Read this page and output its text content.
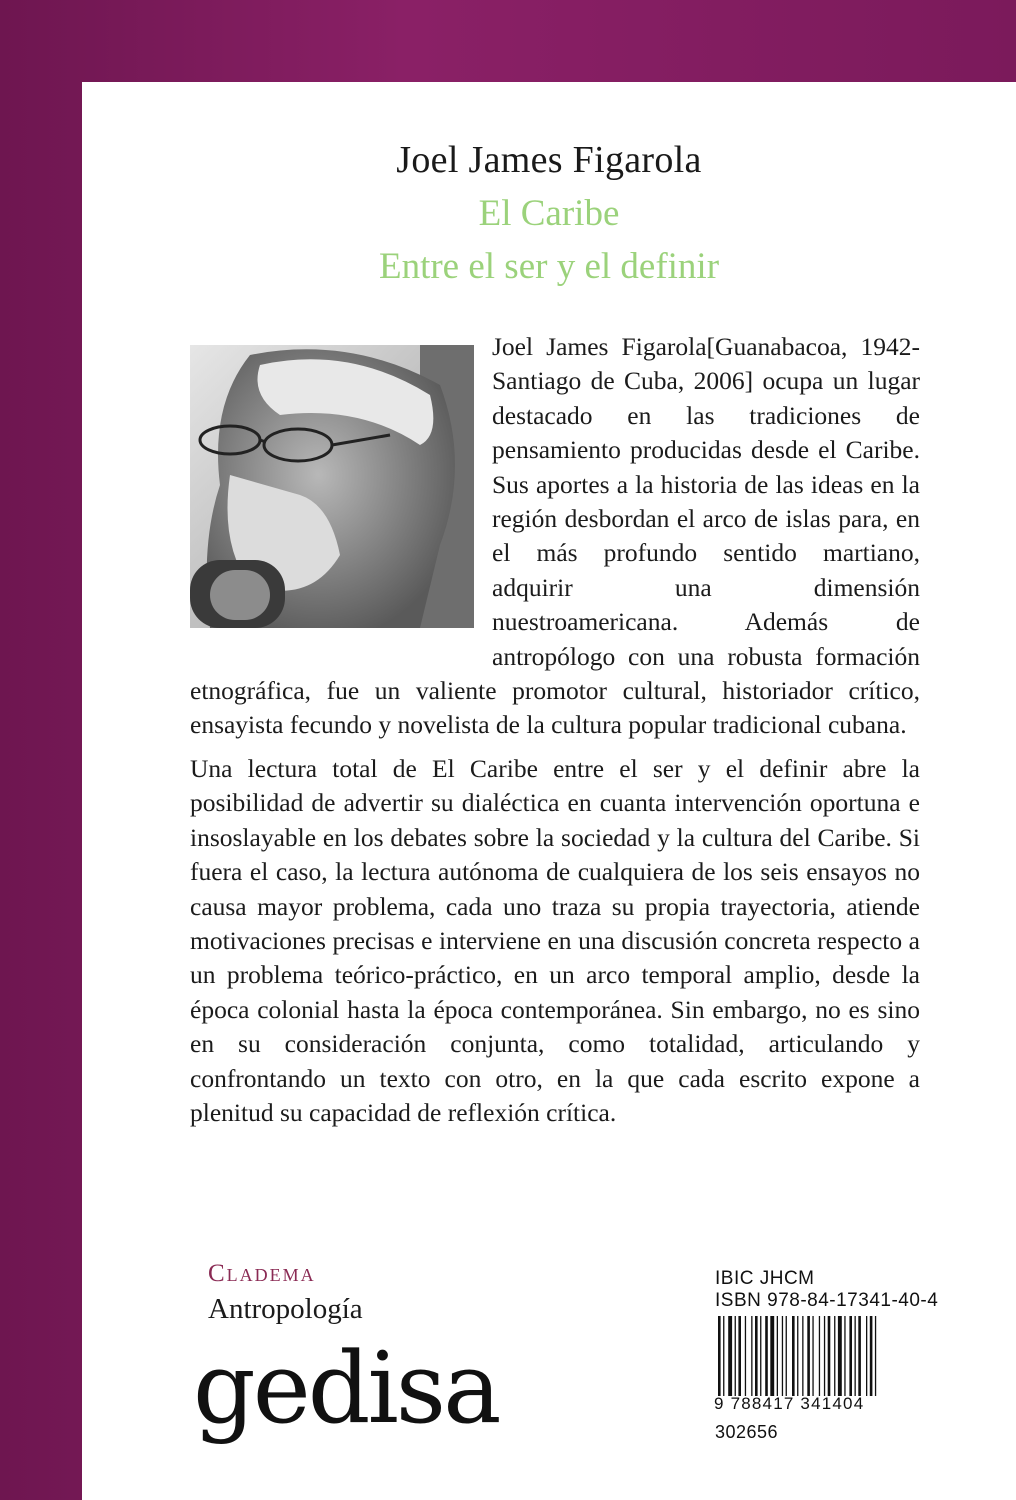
Joel James Figarola
El Caribe
Entre el ser y el definir

Joel James Figarola[Guanabacoa, 1942- Santiago de Cuba, 2006] ocupa un lugar destacado en las tradiciones de pensamiento producidas desde el Caribe. Sus aportes a la historia de las ideas en la región desbordan el arco de islas para, en el más profundo sentido martiano, adquirir una dimensión nuestroamericana. Además de antropólogo con una robusta formación etnográfica, fue un valiente promotor cultural, historiador crítico, ensayista fecundo y novelista de la cultura popular tradicional cubana.

Una lectura total de El Caribe entre el ser y el definir abre la posibilidad de advertir su dialéctica en cuanta intervención oportuna e insoslayable en los debates sobre la sociedad y la cultura del Caribe. Si fuera el caso, la lectura autónoma de cualquiera de los seis ensayos no causa mayor problema, cada uno traza su propia trayectoria, atiende motivaciones precisas e interviene en una discusión concreta respecto a un problema teórico-práctico, en un arco temporal amplio, desde la época colonial hasta la época contemporánea. Sin embargo, no es sino en su consideración conjunta, como totalidad, articulando y confrontando un texto con otro, en la que cada escrito expone a plenitud su capacidad de reflexión crítica.

Cladema
Antropología
gedisa
IBIC JHCM
ISBN 978-84-17341-40-4
9 788417 341404
302656
